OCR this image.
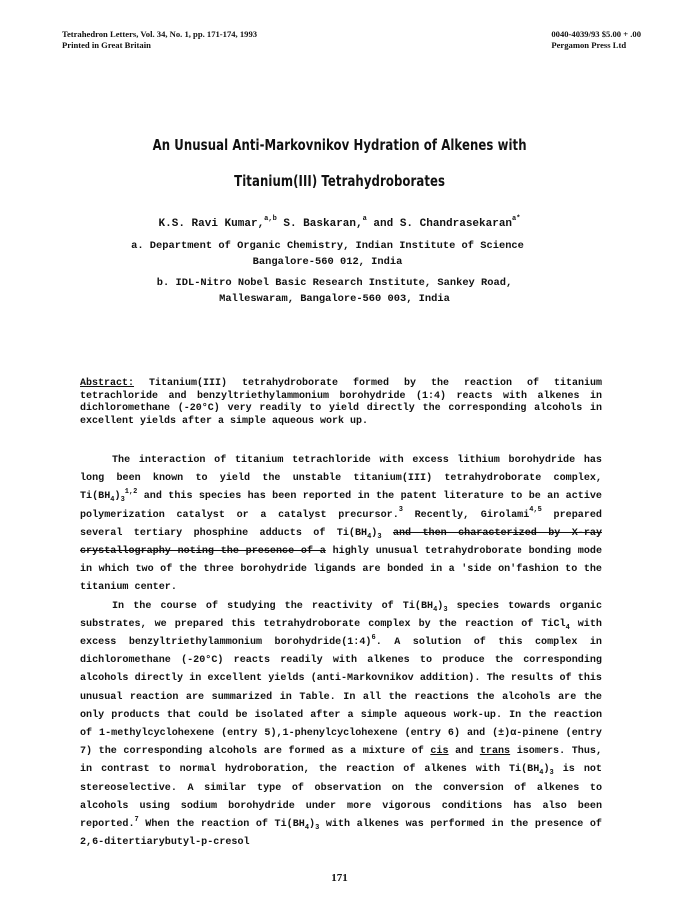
Tetrahedron Letters, Vol. 34, No. 1, pp. 171-174, 1993
Printed in Great Britain
0040-4039/93 $5.00 + .00
Pergamon Press Ltd
An Unusual Anti-Markovnikov Hydration of Alkenes with
Titanium(III) Tetrahydroborates
K.S. Ravi Kumar,$^{a,b}$ S. Baskaran,$^a$ and S. Chandrasekaran$^{a*}$
a. Department of Organic Chemistry, Indian Institute of Science
Bangalore-560 012, India
b. IDL-Nitro Nobel Basic Research Institute, Sankey Road,
Malleswaram, Bangalore-560 003, India
Abstract: Titanium(III) tetrahydroborate formed by the reaction of titanium tetrachloride and benzyltriethylammonium borohydride (1:4) reacts with alkenes in dichloromethane (-20°C) very readily to yield directly the corresponding alcohols in excellent yields after a simple aqueous work up.

The interaction of titanium tetrachloride with excess lithium borohydride has long been known to yield the unstable titanium(III) tetrahydroborate complex, $Ti(BH_4)_3^{1,2}$ and this species has been reported in the patent literature to be an active polymerization catalyst or a catalyst precursor.$^3$ Recently, Girolami$^{4,5}$ prepared several tertiary phosphine adducts of $Ti(BH_4)_3$ and then characterized by X-ray crystallography noting the presence of a highly unusual tetrahydroborate bonding mode in which two of the three borohydride ligands are bonded in a 'side on'fashion to the titanium center.

In the course of studying the reactivity of $Ti(BH_4)_3$ species towards organic substrates, we prepared this tetrahydroborate complex by the reaction of TiCl$_4$ with excess benzyltriethylammonium borohydride(1:4)$^6$. A solution of this complex in dichloromethane (-20°C) reacts readily with alkenes to produce the corresponding alcohols directly in excellent yields (anti-Markovnikov addition). The results of this unusual reaction are summarized in Table. In all the reactions the alcohols are the only products that could be isolated after a simple aqueous work-up. In the reaction of 1-methylcyclohexene (entry 5),1-phenylcyclohexene (entry 6) and (±)α-pinene (entry 7) the corresponding alcohols are formed as a mixture of cis and trans isomers. Thus, in contrast to normal hydroboration, the reaction of alkenes with $Ti(BH_4)_3$ is not stereoselective. A similar type of observation on the conversion of alkenes to alcohols using sodium borohydride under more vigorous conditions has also been reported.$^7$ When the reaction of $Ti(BH_4)_3$ with alkenes was performed in the presence of 2,6-ditertiarybutyl-p-cresol

171
